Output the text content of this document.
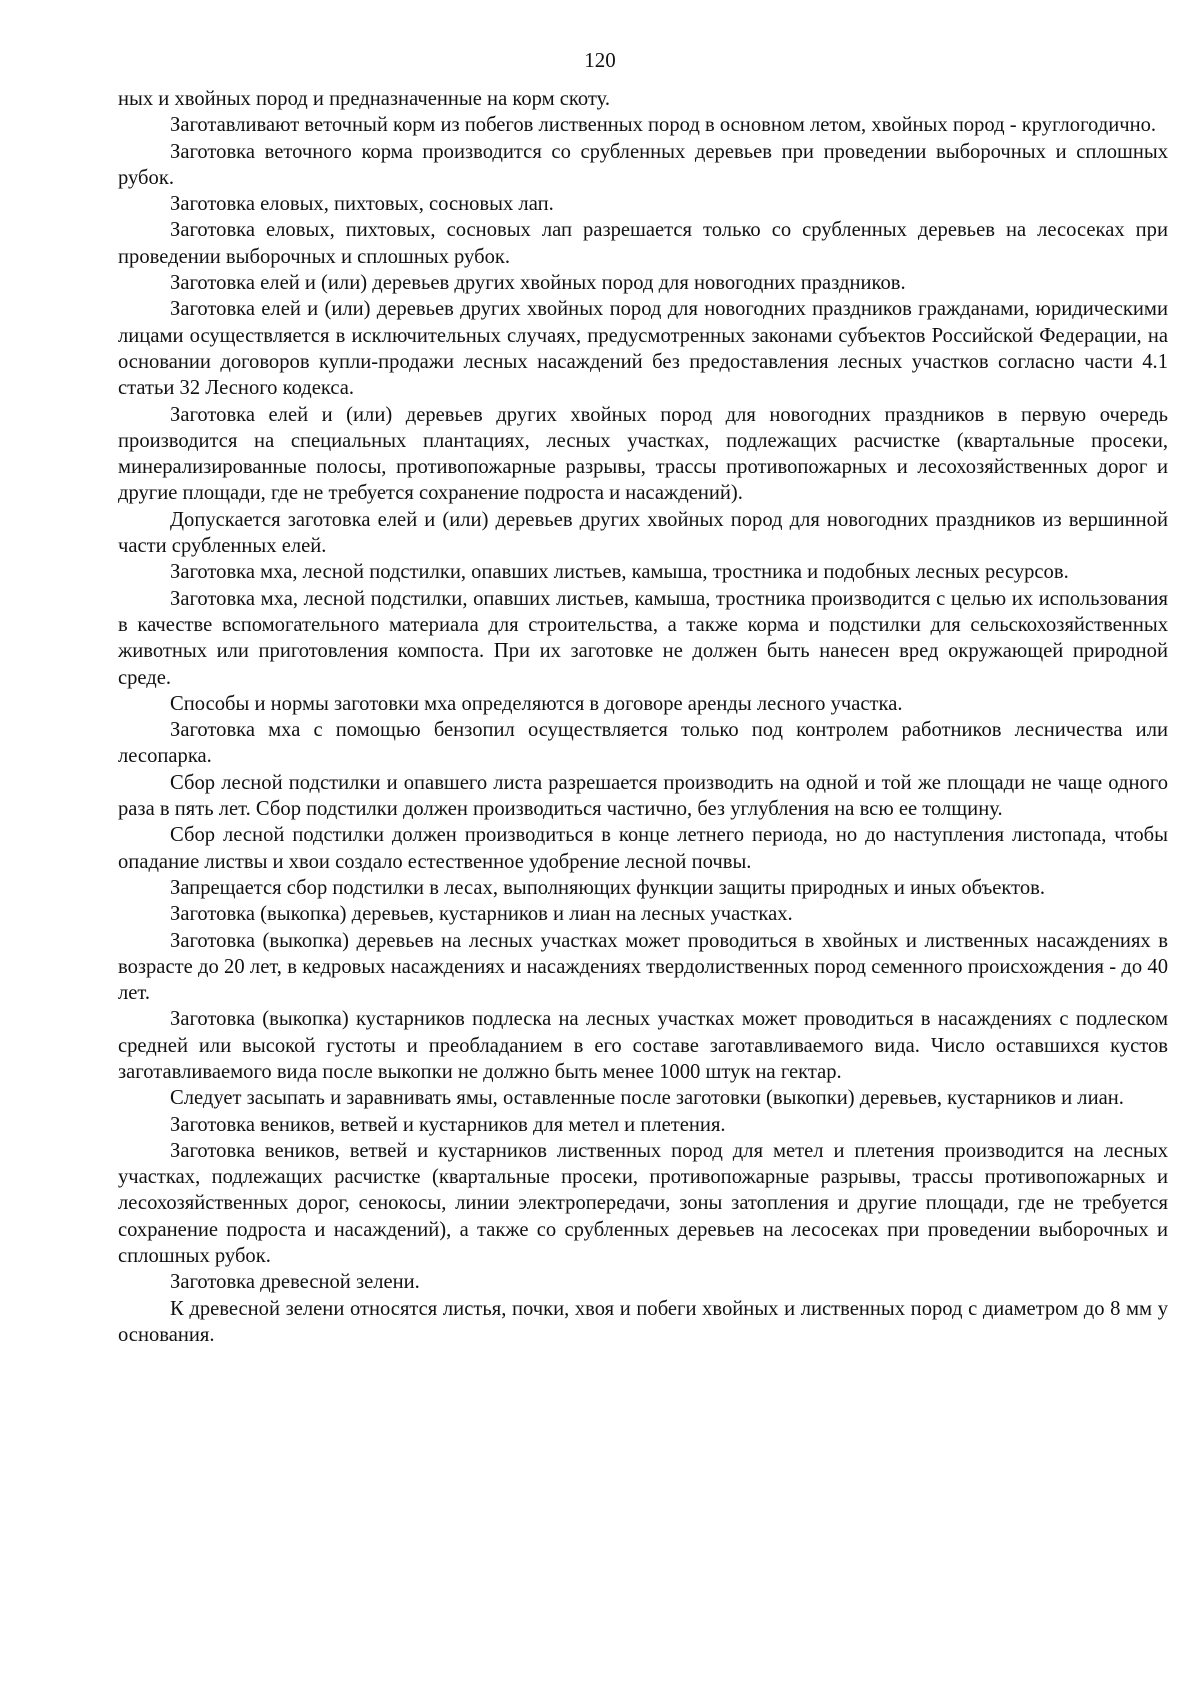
120

ных и хвойных пород и предназначенные на корм скоту.

Заготавливают веточный корм из побегов лиственных пород в основном летом, хвойных пород - круглогодично.

Заготовка веточного корма производится со срубленных деревьев при проведении выборочных и сплошных рубок.

Заготовка еловых, пихтовых, сосновых лап.

Заготовка еловых, пихтовых, сосновых лап разрешается только со срубленных деревьев на лесосеках при проведении выборочных и сплошных рубок.

Заготовка елей и (или) деревьев других хвойных пород для новогодних праздников.

Заготовка елей и (или) деревьев других хвойных пород для новогодних праздников гражданами, юридическими лицами осуществляется в исключительных случаях, предусмотренных законами субъектов Российской Федерации, на основании договоров купли-продажи лесных насаждений без предоставления лесных участков согласно части 4.1 статьи 32 Лесного кодекса.

Заготовка елей и (или) деревьев других хвойных пород для новогодних праздников в первую очередь производится на специальных плантациях, лесных участках, подлежащих расчистке (квартальные просеки, минерализированные полосы, противопожарные разрывы, трассы противопожарных и лесохозяйственных дорог и другие площади, где не требуется сохранение подроста и насаждений).

Допускается заготовка елей и (или) деревьев других хвойных пород для новогодних праздников из вершинной части срубленных елей.

Заготовка мха, лесной подстилки, опавших листьев, камыша, тростника и подобных лесных ресурсов.

Заготовка мха, лесной подстилки, опавших листьев, камыша, тростника производится с целью их использования в качестве вспомогательного материала для строительства, а также корма и подстилки для сельскохозяйственных животных или приготовления компоста. При их заготовке не должен быть нанесен вред окружающей природной среде.

Способы и нормы заготовки мха определяются в договоре аренды лесного участка.

Заготовка мха с помощью бензопил осуществляется только под контролем работников лесничества или лесопарка.

Сбор лесной подстилки и опавшего листа разрешается производить на одной и той же площади не чаще одного раза в пять лет. Сбор подстилки должен производиться частично, без углубления на всю ее толщину.

Сбор лесной подстилки должен производиться в конце летнего периода, но до наступления листопада, чтобы опадание листвы и хвои создало естественное удобрение лесной почвы.

Запрещается сбор подстилки в лесах, выполняющих функции защиты природных и иных объектов.

Заготовка (выкопка) деревьев, кустарников и лиан на лесных участках.

Заготовка (выкопка) деревьев на лесных участках может проводиться в хвойных и лиственных насаждениях в возрасте до 20 лет, в кедровых насаждениях и насаждениях твердолиственных пород семенного происхождения - до 40 лет.

Заготовка (выкопка) кустарников подлеска на лесных участках может проводиться в насаждениях с подлеском средней или высокой густоты и преобладанием в его составе заготавливаемого вида. Число оставшихся кустов заготавливаемого вида после выкопки не должно быть менее 1000 штук на гектар.

Следует засыпать и заравнивать ямы, оставленные после заготовки (выкопки) деревьев, кустарников и лиан.

Заготовка веников, ветвей и кустарников для метел и плетения.

Заготовка веников, ветвей и кустарников лиственных пород для метел и плетения производится на лесных участках, подлежащих расчистке (квартальные просеки, противопожарные разрывы, трассы противопожарных и лесохозяйственных дорог, сенокосы, линии электропередачи, зоны затопления и другие площади, где не требуется сохранение подроста и насаждений), а также со срубленных деревьев на лесосеках при проведении выборочных и сплошных рубок.

Заготовка древесной зелени.

К древесной зелени относятся листья, почки, хвоя и побеги хвойных и лиственных пород с диаметром до 8 мм у основания.
